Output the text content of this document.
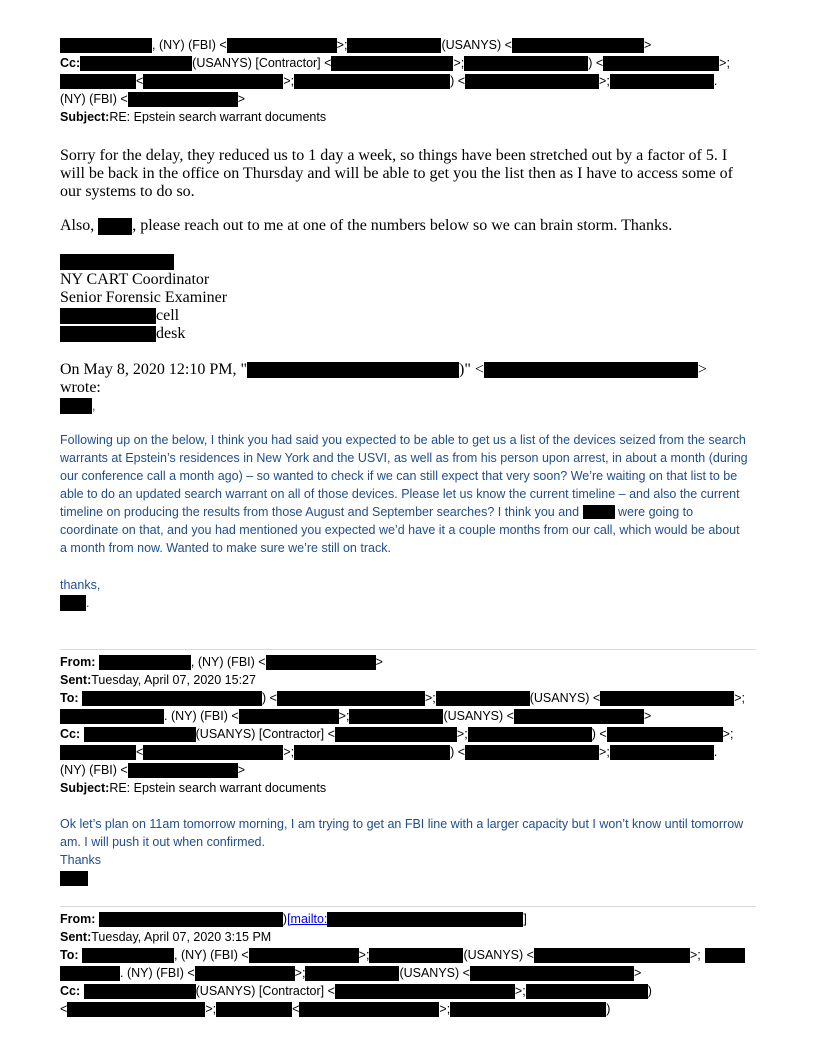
, (NY) (FBI) <	>;	(USANYS) <	>
Cc:	(USANYS) [Contractor] <	>;	) <	>;
<	>;	) <	>;	.
(NY) (FBI) <	>
Subject:RE: Epstein search warrant documents
Sorry for the delay, they reduced us to 1 day a week, so things have been stretched out by a factor of 5. I will be back in the office on Thursday and will be able to get you the list then as I have to access some of our systems to do so.
Also, , please reach out to me at one of the numbers below so we can brain storm. Thanks.
NY CART Coordinator
Senior Forensic Examiner
cell
desk
On May 8, 2020 12:10 PM, "	)" <	>
wrote:
,
Following up on the below, I think you had said you expected to be able to get us a list of the devices seized from the search warrants at Epstein’s residences in New York and the USVI, as well as from his person upon arrest, in about a month (during our conference call a month ago) – so wanted to check if we can still expect that very soon? We’re waiting on that list to be able to do an updated search warrant on all of those devices. Please let us know the current timeline – and also the current timeline on producing the results from those August and September searches? I think you and	were going to coordinate on that, and you had mentioned you expected we’d have it a couple months from our call, which would be about a month from now. Wanted to make sure we’re still on track.
thanks,
.
From:	, (NY) (FBI) <	>
Sent:Tuesday, April 07, 2020 15:27
To:	) <	>;	(USANYS) <	>;
. (NY) (FBI) <	>;	(USANYS) <	>
Cc:	(USANYS) [Contractor] <	>;	) <	>;
<	>;	) <	>;	.
(NY) (FBI) <	>
Subject:RE: Epstein search warrant documents
Ok let’s plan on 11am tomorrow morning, I am trying to get an FBI line with a larger capacity but I won’t know until tomorrow am. I will push it out when confirmed.
Thanks
From:	)[mailto:	]
Sent:Tuesday, April 07, 2020 3:15 PM
To:	, (NY) (FBI) <	>;	(USANYS) <	>;
. (NY) (FBI) <	>;	(USANYS) <	>
Cc:	(USANYS) [Contractor] <	>;	)
<	>;	<	>;	)
